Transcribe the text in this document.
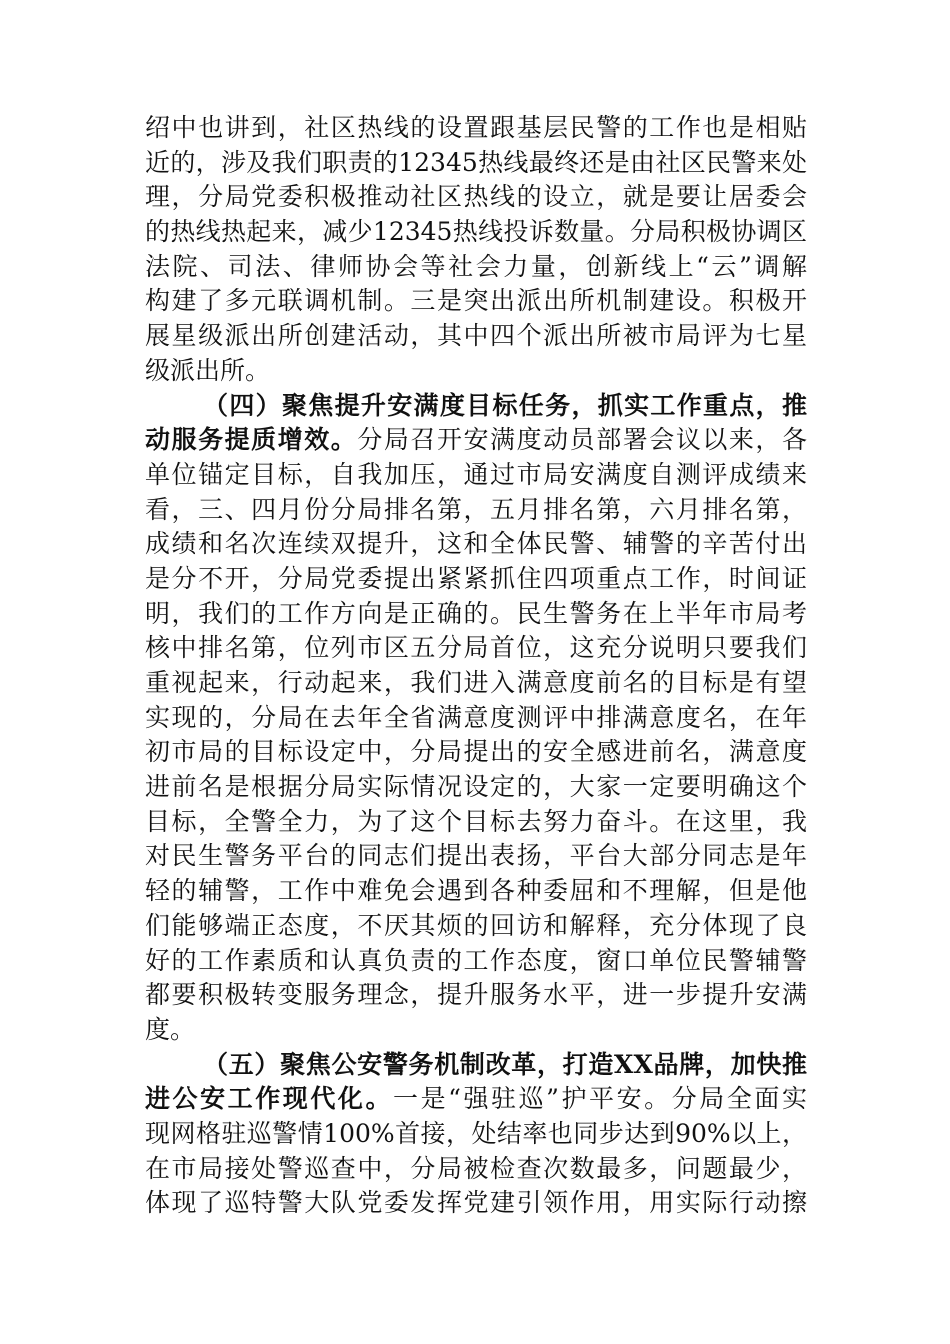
绍中也讲到，社区热线的设置跟基层民警的工作也是相贴
近的，涉及我们职责的12345热线最终还是由社区民警来处
理，分局党委积极推动社区热线的设立，就是要让居委会
的热线热起来，减少12345热线投诉数量。分局积极协调区
法院、司法、律师协会等社会力量，创新线上“云”调解
构建了多元联调机制。三是突出派出所机制建设。积极开
展星级派出所创建活动，其中四个派出所被市局评为七星
级派出所。
（四）聚焦提升安满度目标任务，抓实工作重点，推
动服务提质增效。分局召开安满度动员部署会议以来，各
单位锚定目标，自我加压，通过市局安满度自测评成绩来
看，三、四月份分局排名第，五月排名第，六月排名第，
成绩和名次连续双提升，这和全体民警、辅警的辛苦付出
是分不开，分局党委提出紧紧抓住四项重点工作，时间证
明，我们的工作方向是正确的。民生警务在上半年市局考
核中排名第，位列市区五分局首位，这充分说明只要我们
重视起来，行动起来，我们进入满意度前名的目标是有望
实现的，分局在去年全省满意度测评中排满意度名，在年
初市局的目标设定中，分局提出的安全感进前名，满意度
进前名是根据分局实际情况设定的，大家一定要明确这个
目标，全警全力，为了这个目标去努力奋斗。在这里，我
对民生警务平台的同志们提出表扬，平台大部分同志是年
轻的辅警，工作中难免会遇到各种委屈和不理解，但是他
们能够端正态度，不厌其烦的回访和解释，充分体现了良
好的工作素质和认真负责的工作态度，窗口单位民警辅警
都要积极转变服务理念，提升服务水平，进一步提升安满
度。
（五）聚焦公安警务机制改革，打造XX品牌，加快推
进公安工作现代化。一是“强驻巡”护平安。分局全面实
现网格驻巡警情100%首接，处结率也同步达到90%以上，
在市局接处警巡查中，分局被检查次数最多，问题最少，
体现了巡特警大队党委发挥党建引领作用，用实际行动擦
